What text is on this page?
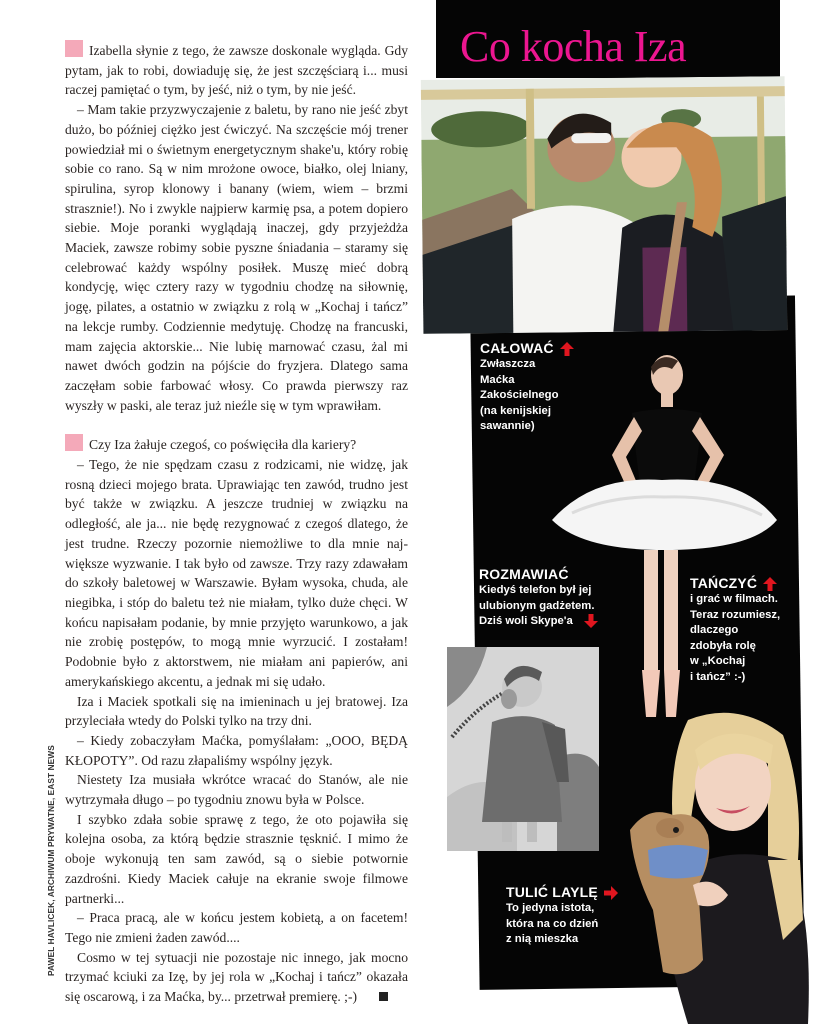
Izabella słynie z tego, że zawsze doskonale wygląda. Gdy pytam, jak to robi, dowiaduję się, że jest szczęściarą i... musi raczej pamiętać o tym, by jeść, niż o tym, by nie jeść.

– Mam takie przyzwyczajenie z baletu, by rano nie jeść zbyt dużo, bo później ciężko jest ćwiczyć. Na szczęście mój trener powiedział mi o świetnym energetycznym shake'u, który robię sobie co rano. Są w nim mrożone owoce, białko, olej lniany, spirulina, syrop klonowy i banany (wiem, wiem – brzmi strasznie!). No i zwykle najpierw karmię psa, a potem dopiero siebie. Moje poranki wyglądają inaczej, gdy przyjeżdża Maciek, zawsze robimy sobie pyszne śniadania – staramy się celebrować każdy wspólny posiłek. Muszę mieć dobrą kondycję, więc cztery razy w tygodniu chodzę na siłownię, jogę, pilates, a ostatnio w związku z rolą w „Kochaj i tańcz” na lekcje rumby. Codziennie medytuję. Chodzę na francuski, mam zajęcia aktorskie... Nie lubię marnować czasu, żal mi nawet dwóch godzin na pójście do fryzjera. Dlatego sama zaczęłam sobie farbować włosy. Co prawda pierwszy raz wyszły w paski, ale teraz już nieźle się w tym wprawiłam.

Czy Iza żałuje czegoś, co poświęciła dla kariery?

– Tego, że nie spędzam czasu z rodzicami, nie widzę, jak rosną dzieci mojego brata. Uprawiając ten zawód, trudno jest być także w związku. A jeszcze trudniej w związku na odległość, ale ja... nie będę rezygnować z czegoś dlatego, że jest trudne. Rzeczy pozornie niemożliwe to dla mnie największe wyzwanie. I tak było od zawsze. Trzy razy zdawałam do szkoły baletowej w Warszawie. Byłam wysoka, chuda, ale niegibka, i stóp do baletu też nie miałam, tylko duże chęci. W końcu napisałam podanie, by mnie przyjęto warunkowo, a jak nie zrobię postępów, to mogą mnie wyrzucić. I zostałam! Podobnie było z aktorstwem, nie miałam ani papierów, ani amerykańskiego akcentu, a jednak mi się udało.

Iza i Maciek spotkali się na imieninach u jej bratowej. Iza przyleciała wtedy do Polski tylko na trzy dni.

– Kiedy zobaczyłam Maćka, pomyślałam: „OOO, BĘDĄ KŁOPOTY”. Od razu złapaliśmy wspólny język.

Niestety Iza musiała wkrótce wracać do Stanów, ale nie wytrzymała długo – po tygodniu znowu była w Polsce.

I szybko zdała sobie sprawę z tego, że oto pojawiła się kolejna osoba, za którą będzie strasznie tęsknić. I mimo że oboje wykonują ten sam zawód, są o siebie potwornie zazdrośni. Kiedy Maciek całuje na ekranie swoje filmowe partnerki...

– Praca pracą, ale w końcu jestem kobietą, a on facetem! Tego nie zmieni żaden zawód....

Cosmo w tej sytuacji nie pozostaje nic innego, jak mocno trzymać kciuki za Izę, by jej rola w „Kochaj i tańcz” okazała się oscarową, i za Maćka, by... przetrwał premierę. ;-)

PAWEL HAVLICEK, ARCHIWUM PRYWATNE, EAST NEWS
Co kocha Iza
CAŁOWAĆ
Zwłaszcza
Maćka
Zakościelnego
(na kenijskiej
sawannie)
ROZMAWIAĆ
Kiedyś telefon był jej
ulubionym gadżetem.
Dziś woli Skype'a
TAŃCZYĆ
i grać w filmach.
Teraz rozumiesz,
dlaczego
zdobyła rolę
w „Kochaj
i tańcz” :-)
TULIĆ LAYLĘ
To jedyna istota,
która na co dzień
z nią mieszka
